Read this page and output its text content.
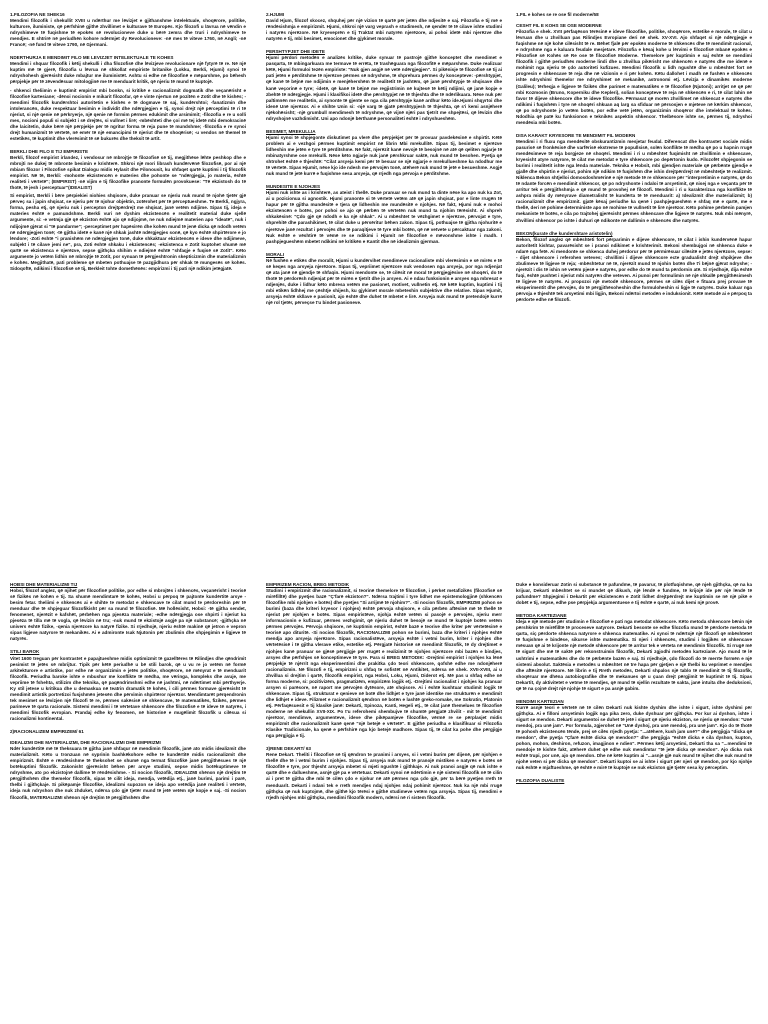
1.FILOZOFIA NE SHEK16
Mendimi filozofik i shekullit XVIII u ndërthur me lëvizjet e gjithanshme intelektuale, shoqërore, politike, kulturore, iluministe, që përfshinë gjithë zhvillimet e kulturave të Europës. Kjo filozofi u lävrua në vëndin e ndryshimeve të fuqishme të epokës së revolucioneve duke u bërë zemra dhe truri i ndryshimeve te mendjes. E shtrirë në periudhën kohore ndërmjet dy Revolucioneve: -në mes të viteve 1760, në Angli; -në Francë; -në fund të viteve 1790, në Gjermani.
NDERTHURJA E MENDIMIT FILO ME LEVIZJET INTELEKTUALE TE KOHES
Mendimi i shquar filozofik i këtij shekulli i dha filozofisë dhe lëvizjeve revolucionare një fytyrë të re. Në një kuptim më të gjerë, filozofia u lëvrua në shkollat empiriste britanike (Lokku, Berkli, Hjumi) synoi të ndryshohesh gjerësisht duke mbajtur me iluministët. Ashtu si edhe në filozofinë e mëparshme, po bëhesh përpjekje për të zëvendësuar mitologjinë me të menduarit kritik, që njeriu të mund të kuptojë.
- shkenci theliimin e kuptimit empirist mbi bonkn, si kritikë e racionalizmit dogmatik dhe veçanërisht e filozofisë kartesiane; -dënoi nocionin e mikarit filozofar, që e vinte njerïun në pozitën e Zotit dhe të kishës; -mendimi filozofik kundërshtoi autoritetin e kishës e të dogmave të saj, kundërshtoi; -fanatizmin dhe intolerancën, duke respektuar besimin e individit dhe ndërgjegjen e tij, synoi drejt një përceptimi të ri të njeriut, si një qenie në përkryerje, një qenie në formim përmes edukimit dhe arsimimit; -filozofia e re u solli mes, nocioni populi si subjekt i së drejtës, si vullnet i lirë; -mbështeti dhe çoi më tej idetë mbi demokracinë dhe laicitetin, duke bërë një përpjekje për të ngritur forma të reja pune të mundshme; -filozofia e re synoi drejt humanizmit të vërtetë, në emër të një emancipimi të njeriut dhe të shoqërisë; -u vendos në themel të estetikës, të kuptimit dhe vlerësimit të së bukurës dhe theksit të artit.
BERKLI DHE FILO E TIJ EMPIRISTE
Berkli, filozof empirist irlandez, i vendosur në mbrojtje të filozofisë së tij, megjithëse lëhte peshkop dhe e mbrojti ne dukej të mbronte besimin e krishterë. Shkroi një mori librash kundërvënë filozofisë, por ai një mbiam filozor i Filozofisë spikat Dialogu midis Hylasit dhe Filonousit, ku shfaqet qartë kuptimi i tij filozofik empirist. Në të, Berkli: -mohonte ekzistencën e materies dhe pohonte se "ndërgjegja, jo materia, është realiteti i vërtetë"; (EMPIRIST) -në vijim e tij filozofike pranonte formulën provokuese: "Të ekzistosh do të thotë, të jesh i perceptuar"(IDEALIST)
Si empirist, Berkli i bëre përpiekiei niohies shqisore, duke pranuar se njeriu nuk mund të njohë tjetër gjë përveç sa i japin shqisat, se njeriu për të njohur objektin, zotërohet për të përceptueshme. Te Berkli, ngjyra, forma, pesha etj, që njeriu nuk i percepton drejtpërdrejt me shqisat, janë vetëm ndijime. Sipas tij, ideja e materies është e pamundshme. Berkli vuri në dyshim ekzistencën e realitetit material duke sjellë argumente, si: -e vetmja gjë që ekziston është ajo që ndijojmë, ne nuk ndiejmë materien apo "ideatë", nuk i ndijojmë gjërat si "të pandarme"; -perceptimet për hapësirën dhe kohën mund të jenë dicka që ndodh vetëm në ndërgjegjen tonë; -të gjitha idetë e kanë një shkak jashtë ndërgjegjes sonë, që kyo është shpirtërore e jo lëndore; -Zoti është "i pranishëm në ndërgjegjen tonë, duke shkaktuar ekzistencën e ideve dhe ndijimeve, subjekt i të cilave jemi ne", pra, Zoti është shkaku i ekzistencës; -ekzistenca e Zotit kuptohet shumë më qartë se ekzistenca e njerëzve, sepse gjithçka shihim e ndiejmë është "shfaqje e fuqisë së Zotit". Këto argumente jo vetëm lidhin në mbrojtje të Zotit, por synuan të përgjeshtronin skepticizmin dhe materializmin e kohës. Megjithatë, pati probleme që mbeten pothuajse të pazgjidhura për shkak të mungesës së kohës. Sidoqoftë, ndikimi i filozofisë së tij, Berkleit tohte domethënës: empirizmi i tij pati një ndikim jetëgjatë.
2.HJUMI
David Hjum, filozof skocez, shquhej për një vizion të qartë për jetën dhe ndjesitë e saj. Filozofia e tij më e rëndësishmja e empirizmit. Hjumi, shkroi një varg veprash e studimesh, në qendër të të cilave ishte studimi i natyrës njerëzore. Në kryeveprën e tij Traktat mbi natyrën njerëzore, ai pohoi idetë mbi njerëzve dhe natyrën e tij, mbi besimet, emocionet dhe gjykimet morale.
PERSHTYPJET DHE IDETE
Hjumi përdori metodën e analizës kritike, duke synuar të pastrojë gjithë konceptet dhe mendimet e pasqarta, të mbingarkuara me termave të errëta, të trashëguara nga filozofitë e mëparshme. Duke realizuar këtë, Hjumi formuloi tezën empiriste: "Nuk gjen asgjë në vetë ndërgjegjen". Si pikënisje të filozofisë së tij ai pati jetën e përditshme të njerëzve përmes së ndryshme, të shprehura përmes dy koncepteve: -përshtypjet, që kanë të bëjnë me ndijimin e menjëhershëm të realitetit të jashtëm, që janë përshtypje të shqisave dhe kanë veçorinë e tyre; -idetë, që kanë të bëjnë me regjistrimin në kujtesë të këtij ndijimi, që janë kopje e zbehtë të ndërgjegje. Hjumi i klasifikoi idetë dhe përshtypjet në të thjeshta dhe të ndërlikuara. Nëse nuk për paltimnën me realitetin, ai synonte të gjente se nga cila përshtypje kanë ardhur këto ide.Hjumi shqyrtoi dhe idenë Unë njerëzor. Ai e shihte Unin si: -një varg të gjatë përshtypjesh të thjeshta, që s'i kemi asnjëherë njëkohësisht; -një grumbull mendimesh të ndryshme, që vijnë njëri pas tjetrit me shpejtësi, që lëvizin dhe ndryshojnë vazhdimisht. Uni apo ndonjë bërthamë personaliteti është i ndryshueshëm.
BESIMET, MREKULLIA
Hjumi synoi të shpjegonte diskutimet pa vlerë dhe përpjekjet për të provuar pavdekësinë e shpirtit. Këtë problem ai e vezhgoi përmes kuptimit empirist në librin Mbi mrekullitë. Sipas tij, besimet e njerëzve lidheshin me jetën e tyre të përditshme. Në fakt, njerëzit kanë nevojë të besojnë në atë që qeliten ngjarje të mbinatyrshme ose mrekulli. Nëse këto ngjarje nuk janë përshkruar saktë, nuk mund të besohen. Pyetja që shtrohet është e thjeshtë: "Cilat arsyeja kemi për të besuar se një ngjarje e mrekullueshme ka ndodhur me të vërtetë. Sipas Hjumit, nëse kjo ide ndesh me përvojën tonë, atëherë nuk mund të jetë e besueshme. Asgjë nuk mund të jetë kurrë e fuqishme sesa arsyeja, që rrjedh nga përvoja e përditshme.
MUNDESITE E NJOHJES
Hjumi nuk ishte as i krishterë, as ateist i thellë. Duke pranuar se nuk mund ta dinte nëse ka apo nuk ka Zot, ai u pozicionua si agnostik. Hjumi pranonte si të vërtetë vetëm atë që japin shqisat, por e linte rrugën të hapur për të gjitha mundësitë e tjera që lidheshin me mundësitë e njohjes. Në fakt, Hjumi nuk e mohoi ekzistencën e botës, por pohoi se ajo që përbën të vërtetën nuk mund ta njohim tërësisht. Ai shpreh shkakësinë: "Çdo gjë që ndodh e ka një shkak". Ai u mbështet te vëzhgimet e njerëzve, përvojat e tyre, shprehitë dhe parashikimet, të cilat duke u përsëritur bëhen zakon. Sipas tij, pothuajse të gjitha njohuritë e njerëzve janë rezultat i përvojës dhe të paraqitjeve të tyre mbi botën, që në vetvete u përcaktuar nga zakoni. Nuk është e vështirë të vëmë re se ndikimi i Hjumit në filozofinë e mëvonshme ishte i madh. I pashpjegueshëm mbetet ndikimi në kritikën e Kantit dhe në idealizmin gjerman.
MORALI
Në fushën e etikës dhe moralit, Hjumi u kundërvihet mendimeve racionaliste mbi vlerësimin e së mirës e të së keqes nga arsyeja njerëzore. Sipas tij, vepriimet njerëzore nuk vendosen nga arsyeja, por nga ndjenjat që ata janë në gjendje të shfaqin. Hjumi mendonte se, të cilësit në moral të përgjegjësive në shoqëri, do të thotë të përdorësh ndjenjat për të mirën e tjetrit dhe jo arsyen. Ai e ndau funksionin e arsyes nga mbresat e ndjenjës, duke i lidhur këto mbresa vetëm me pasionet, motivet, vullnetin etj. Në këtë kuptim, kuptimi i tij mbi etikën lidhhej me çështje shijesh, ku gjykimet morale mbeteshin subjektive dhe relative. Sipas Hjumit, arsyeja është skllave e pasionit, ajo është dhe duhet të mbetet e lirë. Arsyeja nuk mund të pretendojë kurrë një rol tjetër, përveçse t'u bindet pasioneve.
1.FIL e kohes se re ose fil moderne/58
CESHT FIL E KOHS SE OSE MODERNE
Filozofia e shek. XVII përfaqëson tërësinë e ideve filozofike, politike, shoqërore, estetike e morale, të cilat u lëvruan dhe u zhvilluan pas Rilindjes Evropiane deri në shek. XV-XVI. Ajo shfaqet si një ndërgjegje e fuqishme në një kohë cilësisht të re. Bëhet fjalë për epokën moderne të shkencës dhe të mendimit racional, e ndryshme nga e kaluara feudale mesjetare. Filozofia e kësaj kohe u lërvimi e filozofisë mbanë epokës e Filozofisë së Kohës së Re ose të filozofisë Moderne. Themelore për kuptimin e saj është se mendimi filozofik i gjithë periudhës moderne lindi dhe u zhvillua pikërisht me shkencën e natyrës dhe me idenë e mohimit nga njeriu të çdo autoriteti kufizues. Mendimi filozofik u lidh ngushtë dhe u mbështet fort në progresin e shkencave të reja dhe në vizionin e ri për kohën. Këtu dallohet i madh në fushën e shkencës ishte ndryshimi themelor me ndryshimet në mekanikë, astronomi etj. Lëvizja e dinamikës moderne (Galileu); tërheqja e ligjeve të fizikës dhe parimet e matematikës e të filozofisë (Njutoni); arritjet në që për mbi Kozmosin (Bruno, Koperniku dhe Kepleri), solian koncepteve të reja në shkencën e ri, të cilat lahin në favor të dijeve shkencore dhe të ideve filozofike. Përmasat që morën zhvillimet në shkencat e natyrës dhe ndikimi i fuqishëm i tyre në shoqëri shkuan aq larg sa sfiduar në përsosjen e mjeteve në kërkim shkencor, që po ndryshonte jo vetëm botën, por edhe vetë jetën, organizimin shoqëror dhe intelektual të kohës. Ndodhia që patë ku funksionon e teknikës aspektin shkencor. Thelbësore ishte se, përmes tij, ndryshoi mendësia mbi botën.
DISA KARAKT KRYESORE TE MENDIMIT FIL MODERN
Mendimi i ri fluxu nga mendësitë obskurantizmin mesjetar feudal. Diferencat dhe kontrastet sociale midis pasurisë së fronkësisë dhe varfërisë ekstreme të popullsisë, solën konflikte të mëdha që po u hapnin rrugë mendësimeve të reja borgjeze në shoqëri. Mendimi i ri u mbështet fuqimisht në zhvillimin e shkencave, kryesisht atyre natyrore, të cilat me metodat e tyre shkencore po depërtonin kudo. Filozofët shpjegonin se burimi i realitetit ishte nga lënda materiale. Teknika e Hobsit, mbi gjendjen materiale që përbënte gjendje e gjallë dhe shpirtin e njeriut, pohim një ndikim të fuqishëm dhe ishin drejtpërdrejt në mbështetje të realizmit. Niklenca Bekon shtjelloi domosdoshmërinë e një metode të re shkencore për "interpretimin e natyrës, që do të ndante forcën e mendimit shkencor, që po ndryshonte i ndaloi të arsyetimit, që nisej nga e veçanta për të arritur tek e përgjithshmja e që mund të provohej në filozofi. Mendimi i ri u karakterizua nga konflikte të ashpra midis dy mënyrave diametralisht të kundërta të të menduarit: a) Idealizmit dhe materializmit; b) racionalizmit dhe empirizmit. gjatë kësaj periudhe ka qenë i pashpjegueshëm e shfaq më e qartë, me e thellë, deri në pohime deterministe apo në mohime të vullnetit të lirë njerëzor. Këto pohime përbënin pamjen mekaniste të botës, e cila po trajtohej gjerësisht përmes shkencave dhe ligjeve të natyrës. Nuk mbi mënyrë, zhvillimi shkencor po ishte i duhuri që ndikonte në dallimin e shkencës dhe natyrës.
BEKON(kurate dhe kundershtare aristotelin)
Bekon, filozof anglez që mbështeti fort përparimin e dijeve shkencore, të cilat i ishin kundërvënë hapur autoritetit kishtar, pavarësisht se i pranoi ndikimet e krishterimit. Bekoni shembujgoi në shkenca duke e ndarë nga fetë. Ai mendonte se shkenca duhej përdorur për të përmirësuar cilësitë e jetës njerëzore, sepse: - dijet shkencore i referohen veteves; -zhvillimi i dijeve shkencore ecte gradualisht drejt shpikjeve dhe zbulimeve të ligjeve të reja; -mbështetur në të, njerëzit mund të njohin botën dhe t'i bëjnë gjërat ndryshe; -njerëzit i dis të ishin në vetëm pjesë e natyrës, por edhe do të mund ta përdornin atë. Si rrjedhojë, dija është fuqi, është pushtet i njeriut mbi natyrën dhe veteven. Ai punoi për formulimin në një shkallë përgjithësimesh të ligjeve të natyrës. Ai propozoi një metodë shkencore, përmes së cilës dijet e fituara prej provave të eksperimentit dhe përvojës, do të përgjithësoheshin dhe formuloheshin si ligje të natyrës. Duke kaluar nga përvoja e thjeshtë tek arsyetimi mbi ligjin, Bekoni ndërtoi metodën e induksionit. Këtë metodë ai e përpoq ta përdorte edhe në filozofi.
HOBSI DHE MATERIALIZMI TIJ
Hobsi, filozof anglez, që njihet për filozofinë politike, por edhe si mbrojtës i shkencës, veçanërisht i teorisë së fizikës në kohën e tij. Sa shumë mendimtarë të kohës, Hobsi u përpoq të pajtonte kundërtitë arsye - besim fetar. theliimi e shkencës ai e shihte te metodat e shkencave te cilat mund te përdoreshin për të menduar dhe të shpjeguar filozofikisht për sa mund të filozofisë. Më hollësisht, Hobsi: -të gjitha sendet, fenomenet, njerëzit e kafshët, përbëhen nga pjesëza materiale; -edhe ndërgjegja ose shpirti i njeriut ka pjesëza të tilla më të vogla, që lëvizin në tru; -nuk mund të ekzistojë asgjë pa një substancë; -gjithçka në univers është fizike, -qenia njerëzore ka natyrë fizike. Si rrjedhojë, njeriu është makinë që jetron e vepron sipas ligjeve natyrore të mekanikës. Ai e admironte Isak Njutonin për zbulimin dhe shpjegimin e ligjeve të natyrës.
STILI BAROK
Vitet 1600 treguan për kontrastet e papajtueshme midis optimizmit të gazelltëres të Rilindjes dhe qëndrimit pesimist të jetës së mbrijtur. Tipik për këtë periudhë u bë stili barok, që u vu re jo vetëm në formë arkitekturore e artistike, por edhe në organizimin e jetës politike, shoqërore, në mënyrat e të menduarit filozofik. Periudha baroke ishte e mbushur me konflikte të mëdha, me vëringa, kompleks dhe avuje, me vepriime të fshehta, stilizim dhe teknika, që paqëndrimshmi edhe në jashtmi, në ndërtimet mbi përthyerje. Ky stil jetese u kritikua dhe u demaskua në teatrin dramatik të kohës, i cili përmes formave gjerësisht të mendimit artistik portretizoi fusjshmën jetesën dhe përvimin shpirtëror njerëzor. Mendimtarët përqendronin tek mesimet se lëvizjen një filozofi të re, përmes sakësisë së shkencave, të matematikës, fizikës, përmes parimeve të qarta racionale. Sistemi mendimi i të vërtetave shkencore dhe filozofisë e të ideve të natyrës, i mendimi filozofik evropian. Prandaj edhe ky fenomen, në historinë e mugëlimit filozofik u cilësua si racionalizmi kontinental.
2)RACIONALIZEM EMPIRIZEM/ 61
IDEALIZMI DHE MATERIALIZMI, DHE RACIONALIZMI DHE EMPIRIZMI
Ndër kundërtitë më të theksuara të gjitha janë shfaqur në mendimin filozofik, janë ato midis idealizmit dhe materializmit. Këto u tronzuan në syprinin bashkëkohore edhe te kundërtitë midis racionalizmit dhe empirizmit. Është e rëndësishme të theksohet se shumë nga termat filozofikë janë përgjithësues të një botëkuptimi filozofik. Zakonisht gjerësisht bëhen për arsye studimi, sepse midis botëkuptimeve të ndryshme, ato po ekzistojnë dallime të rëndësishme. - Si nocion filozofik, IDEALIZMI shënon një drejtim të përgjithshëm dhe themelor filozofik, sipas të cilit ideja, mendja, vetëdija etj., janë burimi, parimi i parë, thelbi i gjithçkaje. Si pikëpamje filozofike, idealizmi supozon se ideja apo vetëdija janë realiteti i vërtetë, ideja nuk ndryshon dhe nuk zhduket, ndërsa çdo gjë tjetër mund të jetë vetëm një kopje e saj. -Si nocion filozofik, MATERIALIZMI shënon një drejtim të përgjithshëm dhe
EMPIRIZEM RACION, BREG METODIK
Studimi i empirizmit dhe racionalizmit, si teorinë themelore të filozofisë, i përket metafizikës (filozofisë së mirëfilltë) dhe pyetjes bazë "Ç'farë ekziston?". Ndërsa trajtimi i tyre lidhet me epistemologjinë (shkencën filozofike mbi njohjen e botës) dhe pyetjes "Si arrijmë të njohim?". -Si nocion filozofik, EMPIRIZMI pohon se burimi (baza dhe kriteri kryesor i njohjes) është përvoja shqisore, e cila përbën aftësinë më të thellë të njeriut për njohjen e botës. Sipas empiristëve, njohja është vetëm si pasojë e përvojës, njeriu merr informacionin e kufizuar, përmes vezhgimit, që njeriu duhet të besojë se mund të kuptojë botën vetëm përmes përvojës. Përvoja shqisore, në kuptimin empirist, është bazë e teorive dhe kriter për vërtetësinë e teorisë apo dituritë. -Si nocion filozofik, RACIONALIZMI pohon se burimi, baza dhe kriteri i njohjes është mendja apo arsyeja njerëzore. Sipas racionalistëve, arsyeja është i vetmi burim, kriter i njohjes dhe vërtetësisë i të gjitha vlerave etike, estetike etj. Përgjatë historisë së mendimit filozofik, të dy drejtimet e njohjes kanë pranuar se gjësë përgjigje për rrugët e realizimit të njohjes njerëzore mbi bazën e bindjes, arsyes dhe përfshjes së konceptimeve të tyre. Para si BREG METODIK: -Drejtimi empirist i njohjes ka lënë përpjekje të njërrit nga eksperimentimi dhe prakitka çdo teori shkencore, qofshë edhe me ndonjëherë racionalizmin. Në filozofi e tij, empirizmi u shfaq te sofistët në Antikitet, ndërsa në shek. XVII-XVIII, ai u zhvillua si drejtim i qartë, filozofik empirist, nga Hobsi, Loku, Hjumi, Diderot etj. Më pas u shfaq edhe në forma moderne, si: pozitivizëm, pragmatizëm, empirizëm logjik etj. -Drejtimi racionalist i njohjes ka pranuar arsyen si parësore, në raport me përvojën dytësore, atë shqisore. Ai i është kushtuar studimit logjik të shkencave. Sipas tij, strukturat e qenieve në botë dhe lidhjet e tyre janë identike me strukturën e mendimit dhe lidhjet e ideve. Filizmet e racionalizmit qëndron në botën e lashtë greko-romake, me Sokratin, Platonin etj. Përfaqësuesit e tij klasikë janë: Dekarti, Spinoza, Kanti, Hegeli etj., të cilat janë themelues të filozofisë moderne në shekullin XVII-XIX. Po t'u referohemi shembujve të shumtë përgjatë zhvilit - mit të mendimit njerëzor, mendimve, argumenteve, ideve dhe pikëpamjeve filozofike, vërmë re se përplasjet midis empirizmit dhe racionalizmit kanë qenë "një betejë e vërtetë". E gjithë periudha e klasifikuar si Filozofia Klasike Tradicionale, ka qenë e përfshirë nga kjo betejë madhore. Sipas tij, të cilat ka pohe dhe përgjigje nga përgjigja e tij.
3)RENE DEKART/ 63
Rene Dekart. Theliti i filozofisë së tij qëndron te pranimi i arsyes, si i vetmi burim për dijenë, për njohjen e thellë dhe të i vetmi burim i njohjes. Sipas tij, arsyeja nuk mund të pranojë mistiken e natyrës e botës së filozofitë e tyre, por thjesht arsyeja mbetet si mjeti ngushtë i gjithkaje. Ai nuk pranoi asgjë që nuk ishte e qartë dhe e dallueshme, asnjë gjë pa e vërtetuar. Dekarti synoi në ndërtimin e një sistemi filozofik në të cilin ai i pret të gjitha dhe mbi të cilën çdo e njohur në atë përmes nga çdo gjë, për ta bërë pyetjen rreth të menduarit. Dekarti i ndani tek e rreth mendjes ndaj njohjes ndaj pohimit njerëzor. Nuk ka një mbi rrugë gjithçka që nuk kuptojmë, dhe gjithë kjo tërësi e gjithë studimeve vetëm nga arsyeja. Sipas tij, mendimi e rrjedh njohjes mbi gjithçka, mendimi filozofik modern, ndërsi në ri sistem filozofik.
Duke e konsideruar Zotin si substancë të pafundme, të pavarur, të plotfuqishme, që njeh gjithçka, që na ka krijuar, Dekarti mbështet se si mundet që dikush, një lëndë e fundme, të krijojë ide për një lëndë të pafundme? Shpjegimi i Dekartit për ekzistencën e Zotit lidhet drejtpërdrejt me kuptimin se në një pikë e dobët e tij, sepse, edhe pse përpjekja argumentuese e tij është e qartë, ai nuk kemi një provë.
METODA KARTEZIANE
Ideja e një metode për studimin e filozofisë e pati nga metodat shkencore. Këto metoda shkencore bënin një përshkrim të mirëfilltë të proceseve natyrore. Dekarti besonte se edhe filozofia mund të përdorte metoda të qarta, siç përdorte shkenca natyrore e shkenca matematike. Ai synoi të ndërtojë një filozofi që mbështetet të fuqishme e bindëse, sikurse ishte matematika. Si njeri i shkencës, studimi i logjikës së shkencave mësuan që ai të krijonte një metodë shkencore për të arritur tek e vërteta në mendimin filozofik. Si rrugë më të sigurt dhe më të saktë për rekonstruimin filozofik, Dekarti zgjodhi metodën kartezianë. Ajo mund të lë ushtrimi e matematikës dhe do të përbënte bazën e saj. Si rrjedhojë, çdo filozofi do të merrte formën e një sistemi absolut. Saktësia e metodës u mbështet në tre hapa për gjetjen e një thelbi ku veprimet e mendjes dhe aftësitë njerëzore. Në librin e tij Rreth metodës, Dekarti shpalos një tablo të mendimit të tij filozofik, shoqëruar me dhëna autobiografike dhe të mekanues që u çuan drejt përgjimit të kuptimit të tij. Sipas Dekartit, dy aktivitetet e vetme të mendjes, që mund të sjellin rezultate të sakta, janë intuita dhe deduksioni, që të na çojnë drejt një njohje të sigurt e pa asnjë gabim.
MENDIMI KARTEZIAN
Kurrë asnjë teori e vërtetë në të cilën Dekarti nuk kishte dyshim dhe ishte i sigurt, ishte dyshimi për gjithçka. Ai e filloni arsyetimin logjik nga pika zero, duke dyshuar për gjithçka. Por kur ai dyshon, ishte i sigurt se mendon. Dekarti argumentoi se duhet të jetë i sigurt që njeriu ekziston, se njeriu që mendon: "Unë mendoj, pra unë jam". Por formula, zgjerohet në "Unë dyshoj, pra unë mendoj, pra unë jam". Kjo do të thotë të pohosh ekzistencën tënde, prej së cilës rrjedh pyetja: "...atëherë, kush jam unë?" dhe përgjigja "dicka që mendon", dhe pyetja "Çfarë është dicka që mendon?" dhe përgjigja "është dicka e cila dyshon, kupton, pohon, mohon, dëshiron, refuzon, imagjinon e ndien". Përmes këtij arsyetimi, Dekarti tha sa "...mendimi të mendoje të kishte fakt, atëherë duhet që edhe nuk mendimtar "të jetë dicka që mendon". Ajo dicka nuk është trupi, por unë, ajo që mendon. Dhe në këtë kuptim ai "...asnjë gjë nuk mund të njihet dhe nuk mund të njohë veten si për dicka që mendon". Dekarti kuptoi se ai ishte i sigurt për njeri që mendon, por kjo njohje nuk është e mjaftueshme, që është e mirë të kuptojë se nuk ekziston gjë tjetër sesa ky përceptim.
FILOZOFIA DUALISTE
